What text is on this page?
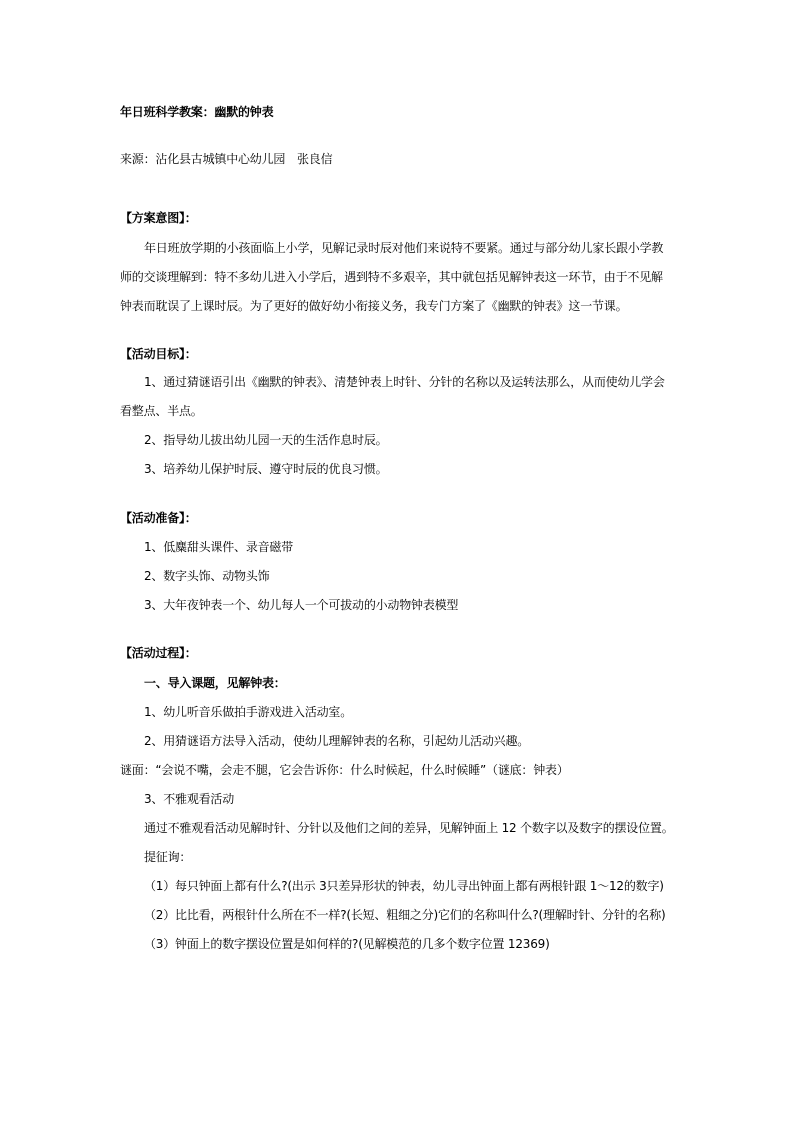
年日班科学教案：幽默的钟表
来源：沾化县古城镇中心幼儿园　张良信
【方案意图】：
年日班放学期的小孩面临上小学，见解记录时辰对他们来说特不要紧。通过与部分幼儿家长跟小学教
师的交谈理解到：特不多幼儿进入小学后，遇到特不多艰辛，其中就包括见解钟表这一环节，由于不见解
钟表而耽误了上课时辰。为了更好的做好幼小衔接义务，我专门方案了《幽默的钟表》这一节课。
【活动目标】：
1、通过猜谜语引出《幽默的钟表》、清楚钟表上时针、分针的名称以及运转法那么，从而使幼儿学会
看整点、半点。
2、指导幼儿拔出幼儿园一天的生活作息时辰。
3、培养幼儿保护时辰、遵守时辰的优良习惯。
【活动准备】：
1、低麋甜头课件、录音磁带
2、数字头饰、动物头饰
3、大年夜钟表一个、幼儿每人一个可拔动的小动物钟表模型
【活动过程】：
一、导入课题，见解钟表：
1、幼儿听音乐做拍手游戏进入活动室。
2、用猜谜语方法导入活动，使幼儿理解钟表的名称，引起幼儿活动兴趣。
谜面：“会说不嘴，会走不腿，它会告诉你：什么时候起，什么时候睡”（谜底：钟表）
3、不雅观看活动
通过不雅观看活动见解时针、分针以及他们之间的差异，见解钟面上 12 个数字以及数字的摆设位置。
提征询：
（1）每只钟面上都有什么?(出示 3只差异形状的钟表，幼儿寻出钟面上都有两根针跟 1～12的数字)
（2）比比看，两根针什么所在不一样?(长短、粗细之分)它们的名称叫什么?(理解时针、分针的名称)
（3）钟面上的数字摆设位置是如何样的?(见解模范的几多个数字位置 12369)
